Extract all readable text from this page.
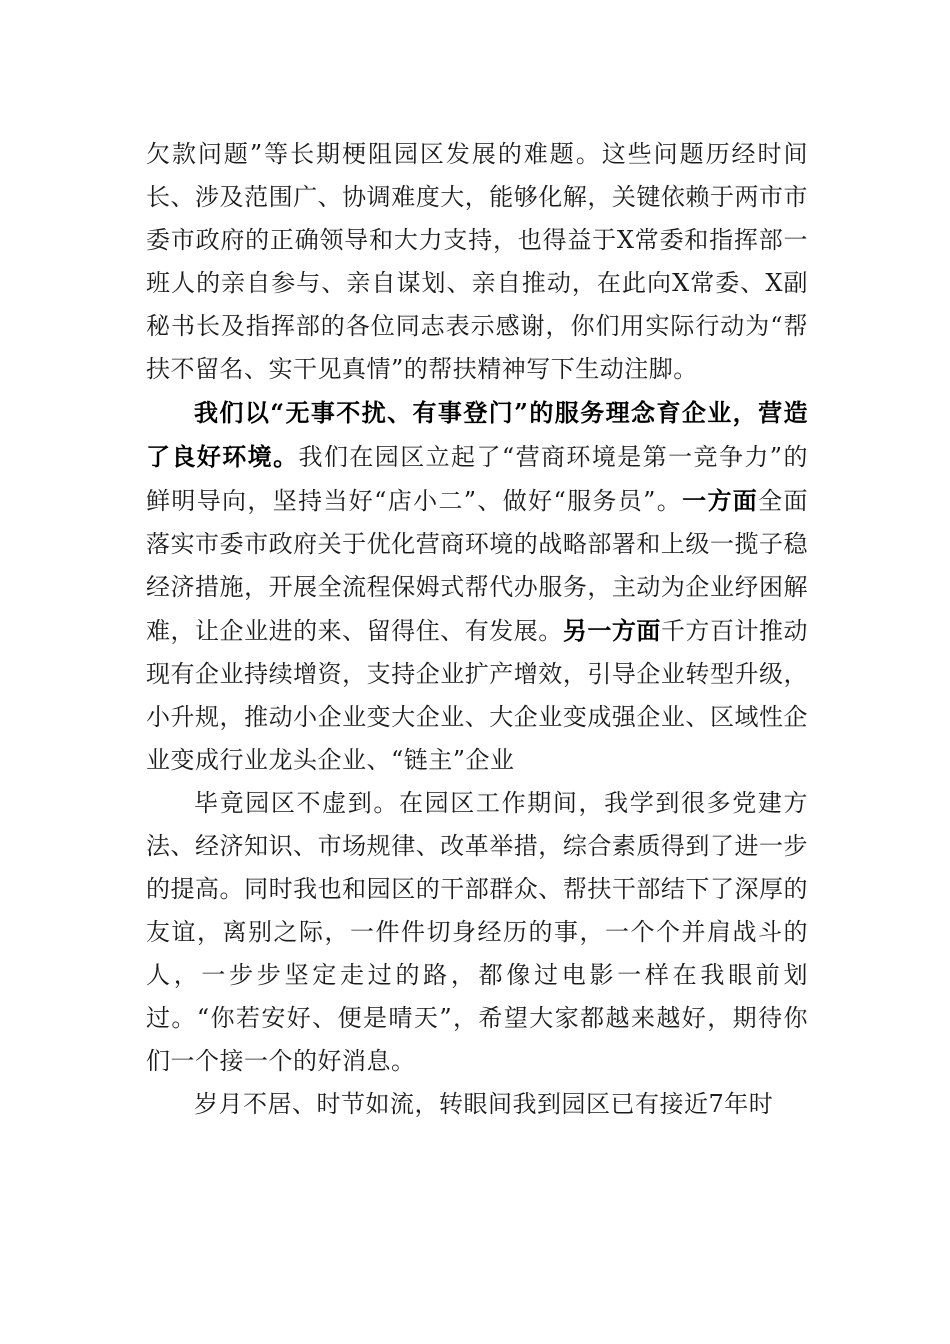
欠款问题”等长期梗阻园区发展的难题。这些问题历经时间长、涉及范围广、协调难度大，能够化解，关键依赖于两市市委市政府的正确领导和大力支持，也得益于X常委和指挥部一班人的亲自参与、亲自谋划、亲自推动，在此向X常委、X副秘书长及指挥部的各位同志表示感谢，你们用实际行动为“帮扶不留名、实干见真情”的帮扶精神写下生动注脚。

我们以“无事不扰、有事登门”的服务理念育企业，营造了良好环境。我们在园区立起了“营商环境是第一竞争力”的鲜明导向，坚持当好“店小二”、做好“服务员”。一方面全面落实市委市政府关于优化营商环境的战略部署和上级一揽子稳经济措施，开展全流程保姆式帮代办服务，主动为企业纾困解难，让企业进的来、留得住、有发展。另一方面千方百计推动现有企业持续增资，支持企业扩产增效，引导企业转型升级，小升规，推动小企业变大企业、大企业变成强企业、区域性企业变成行业龙头企业、“链主”企业

毕竟园区不虚到。在园区工作期间，我学到很多党建方法、经济知识、市场规律、改革举措，综合素质得到了进一步的提高。同时我也和园区的干部群众、帮扶干部结下了深厚的友谊，离别之际，一件件切身经历的事，一个个并肩战斗的人，一步步坚定走过的路，都像过电影一样在我眼前划过。“你若安好、便是晴天”，希望大家都越来越好，期待你们一个接一个的好消息。

岁月不居、时节如流，转眼间我到园区已有接近7年时
